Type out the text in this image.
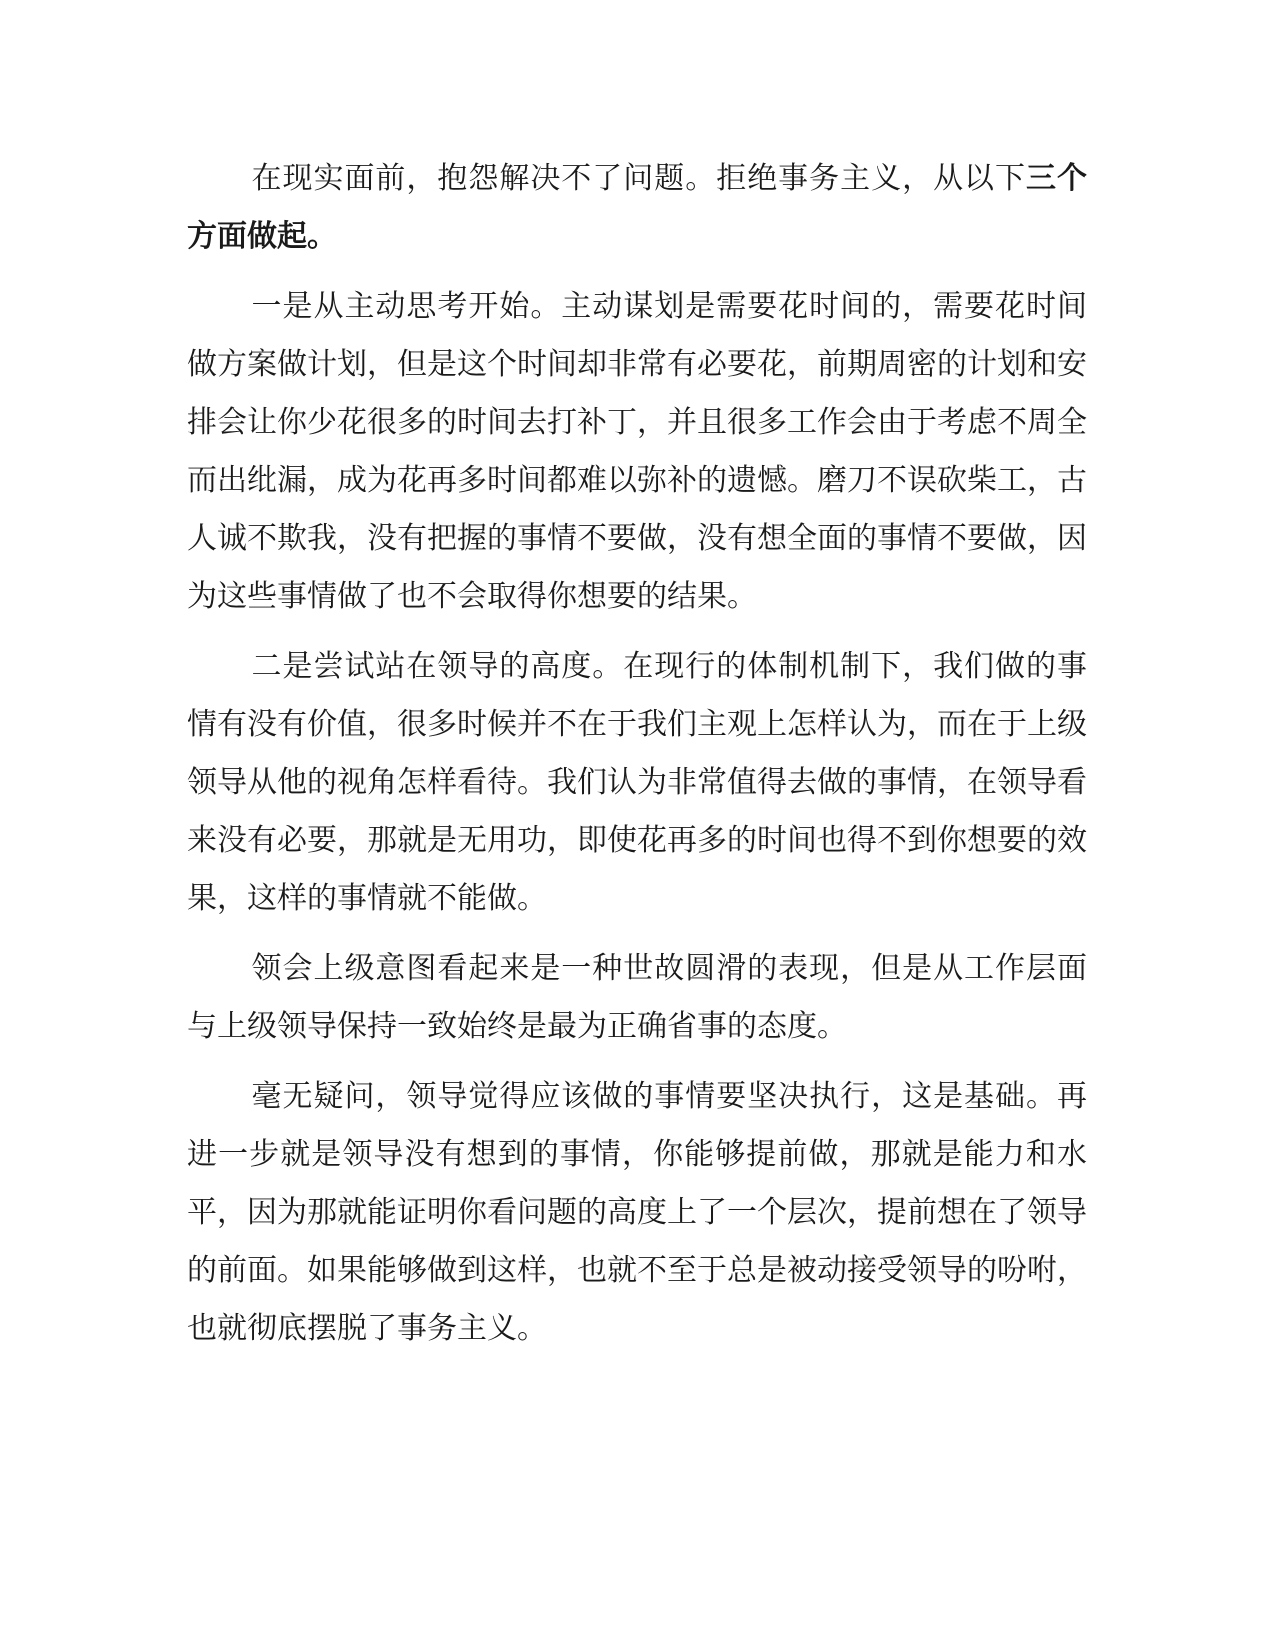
在现实面前，抱怨解决不了问题。拒绝事务主义，从以下三个方面做起。

一是从主动思考开始。主动谋划是需要花时间的，需要花时间做方案做计划，但是这个时间却非常有必要花，前期周密的计划和安排会让你少花很多的时间去打补丁，并且很多工作会由于考虑不周全而出纰漏，成为花再多时间都难以弥补的遗憾。磨刀不误砍柴工，古人诚不欺我，没有把握的事情不要做，没有想全面的事情不要做，因为这些事情做了也不会取得你想要的结果。

二是尝试站在领导的高度。在现行的体制机制下，我们做的事情有没有价值，很多时候并不在于我们主观上怎样认为，而在于上级领导从他的视角怎样看待。我们认为非常值得去做的事情，在领导看来没有必要，那就是无用功，即使花再多的时间也得不到你想要的效果，这样的事情就不能做。

领会上级意图看起来是一种世故圆滑的表现，但是从工作层面与上级领导保持一致始终是最为正确省事的态度。

毫无疑问，领导觉得应该做的事情要坚决执行，这是基础。再进一步就是领导没有想到的事情，你能够提前做，那就是能力和水平，因为那就能证明你看问题的高度上了一个层次，提前想在了领导的前面。如果能够做到这样，也就不至于总是被动接受领导的吩咐，也就彻底摆脱了事务主义。
